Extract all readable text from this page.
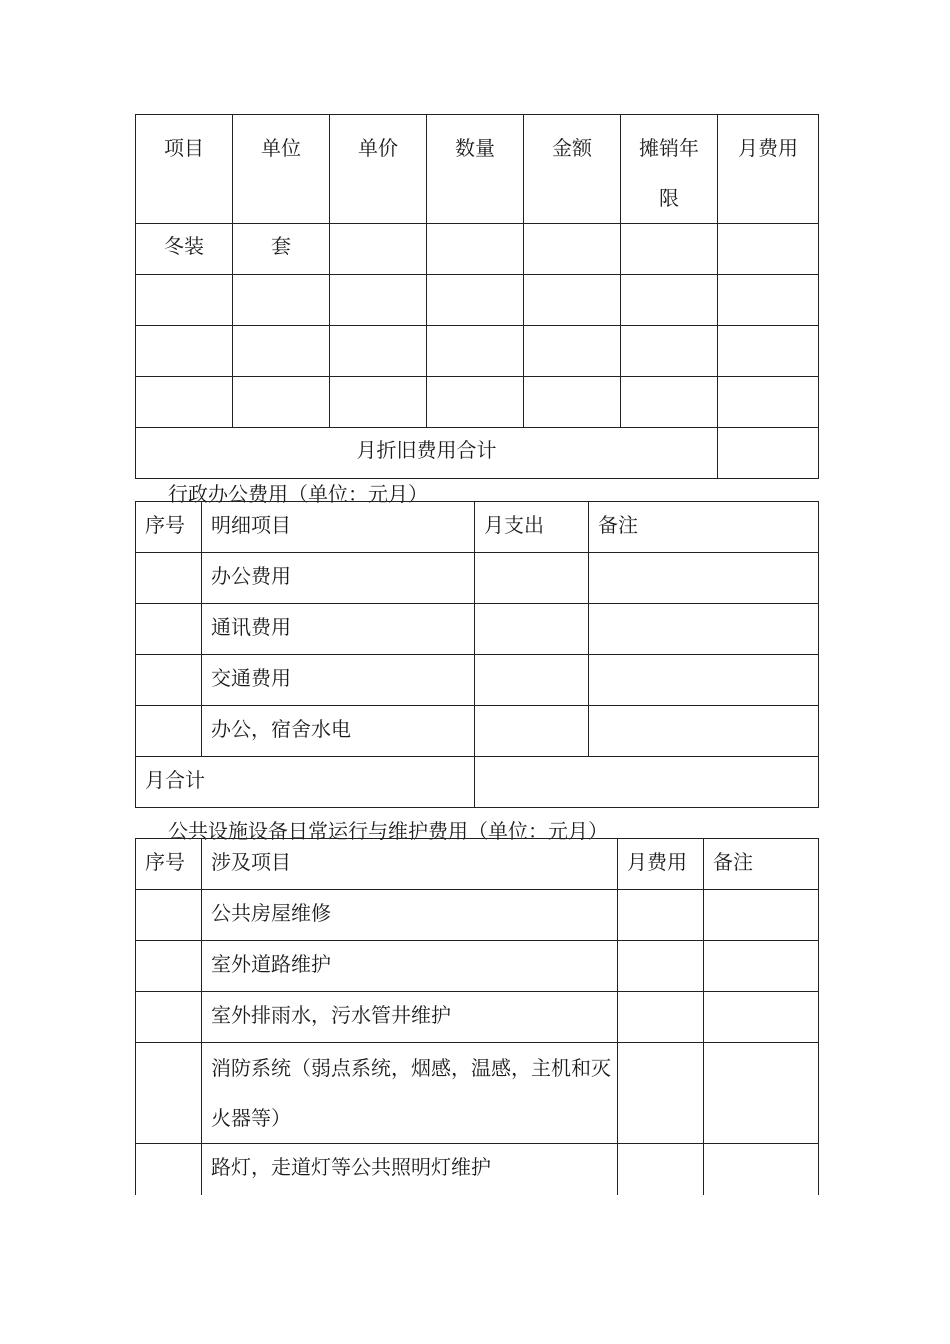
项目	单位	单价	数量	金额	摊销年限	月费用
冬装	套					

月折旧费用合计						
行政办公费用（单位：元月）
序号	明细项目	月支出	备注
	办公费用		
	通讯费用		
	交通费用		
	办公，宿舍水电		
月合计			
公共设施设备日常运行与维护费用（单位：元月）
序号	涉及项目	月费用	备注
	公共房屋维修		
	室外道路维护		
	室外排雨水，污水管井维护		
	消防系统（弱点系统，烟感，温感，主机和灭火器等）		
	路灯，走道灯等公共照明灯维护		
